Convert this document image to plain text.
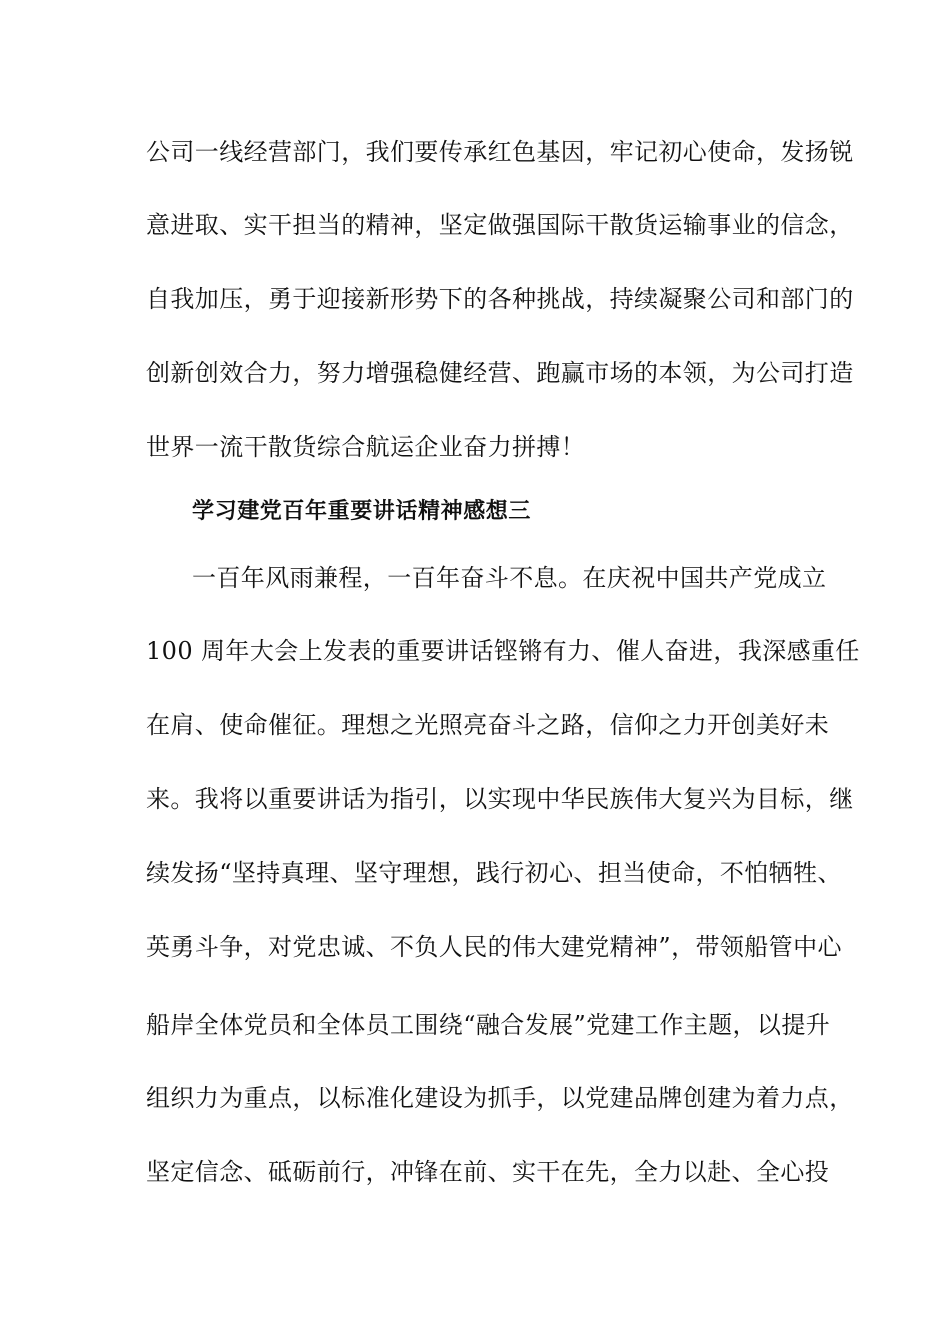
公司一线经营部门，我们要传承红色基因，牢记初心使命，发扬锐
意进取、实干担当的精神，坚定做强国际干散货运输事业的信念，
自我加压，勇于迎接新形势下的各种挑战，持续凝聚公司和部门的
创新创效合力，努力增强稳健经营、跑赢市场的本领，为公司打造
世界一流干散货综合航运企业奋力拼搏！
学习建党百年重要讲话精神感想三
一百年风雨兼程，一百年奋斗不息。在庆祝中国共产党成立
100 周年大会上发表的重要讲话铿锵有力、催人奋进，我深感重任
在肩、使命催征。理想之光照亮奋斗之路，信仰之力开创美好未
来。我将以重要讲话为指引，以实现中华民族伟大复兴为目标，继
续发扬“坚持真理、坚守理想，践行初心、担当使命，不怕牺牲、
英勇斗争，对党忠诚、不负人民的伟大建党精神”，带领船管中心
船岸全体党员和全体员工围绕“融合发展”党建工作主题，以提升
组织力为重点，以标准化建设为抓手，以党建品牌创建为着力点，
坚定信念、砥砺前行，冲锋在前、实干在先，全力以赴、全心投
